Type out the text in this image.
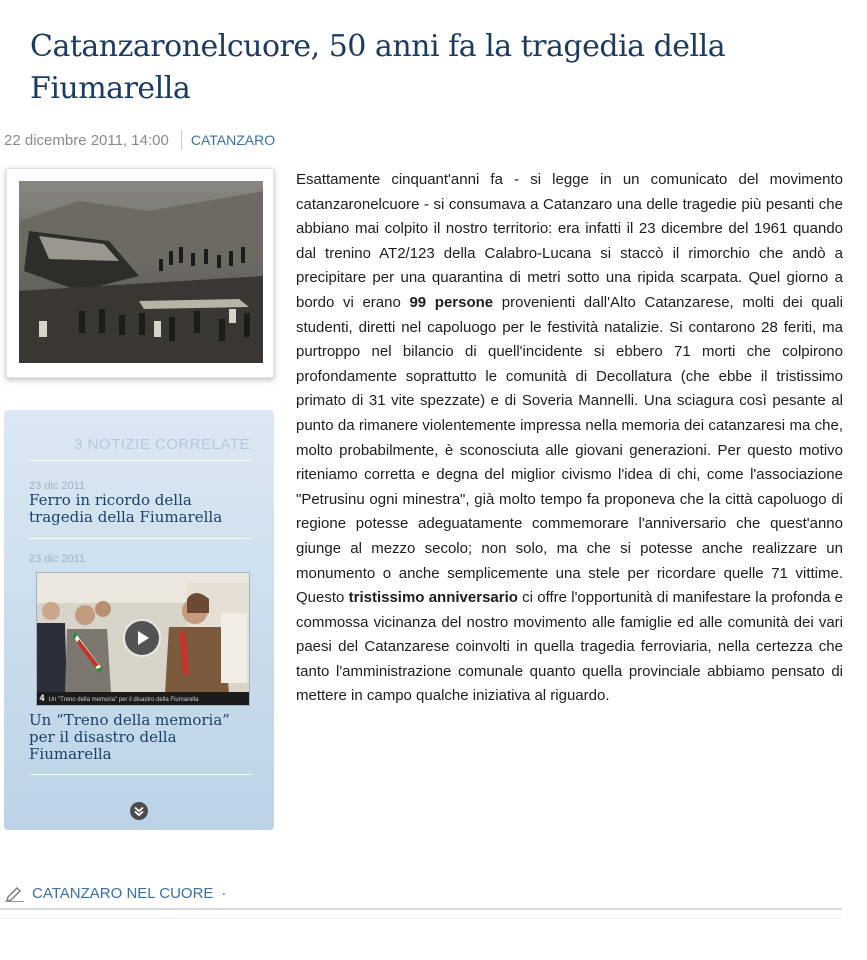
Catanzaronelcuore, 50 anni fa la tragedia della Fiumarella
22 dicembre 2011, 14:00 CATANZARO
3 NOTIZIE CORRELATE
23 dic 2011
Ferro in ricordo della tragedia della Fiumarella
23 dic 2011
4 Un "Treno della memoria" per il disastro della Fiumarella
Un “Treno della memoria” per il disastro della Fiumarella

Esattamente cinquant'anni fa - si legge in un comunicato del movimento catanzaronelcuore - si consumava a Catanzaro una delle tragedie più pesanti che abbiano mai colpito il nostro territorio: era infatti il 23 dicembre del 1961 quando dal trenino AT2/123 della Calabro-Lucana si staccò il rimorchio che andò a precipitare per una quarantina di metri sotto una ripida scarpata. Quel giorno a bordo vi erano 99 persone provenienti dall'Alto Catanzarese, molti dei quali studenti, diretti nel capoluogo per le festività natalizie. Si contarono 28 feriti, ma purtroppo nel bilancio di quell'incidente si ebbero 71 morti che colpirono profondamente soprattutto le comunità di Decollatura (che ebbe il tristissimo primato di 31 vite spezzate) e di Soveria Mannelli. Una sciagura così pesante al punto da rimanere violentemente impressa nella memoria dei catanzaresi ma che, molto probabilmente, è sconosciuta alle giovani generazioni. Per questo motivo riteniamo corretta e degna del miglior civismo l'idea di chi, come l'associazione "Petrusinu ogni minestra", già molto tempo fa proponeva che la città capoluogo di regione potesse adeguatamente commemorare l'anniversario che quest'anno giunge al mezzo secolo; non solo, ma che si potesse anche realizzare un monumento o anche semplicemente una stele per ricordare quelle 71 vittime. Questo tristissimo anniversario ci offre l'opportunità di manifestare la profonda e commossa vicinanza del nostro movimento alle famiglie ed alle comunità dei vari paesi del Catanzarese coinvolti in quella tragedia ferroviaria, nella certezza che tanto l'amministrazione comunale quanto quella provinciale abbiamo pensato di mettere in campo qualche iniziativa al riguardo.

CATANZARO NEL CUORE ·
